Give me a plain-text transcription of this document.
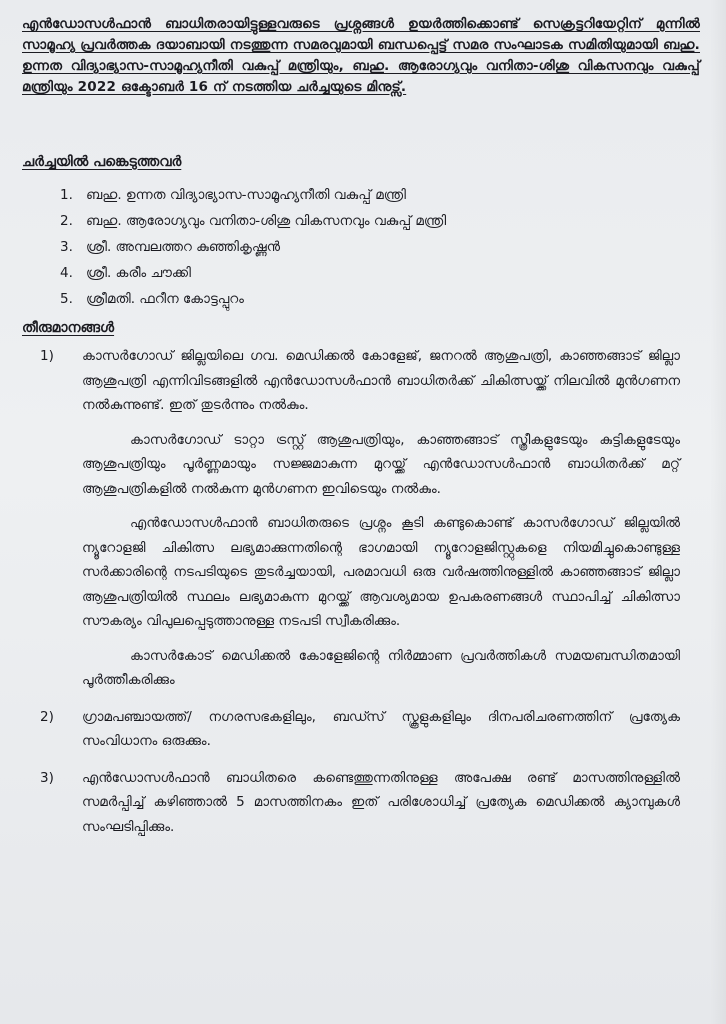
എൻഡോസൾഫാൻ ബാധിതരായിട്ടുള്ളവരുടെ പ്രശ്നങ്ങൾ ഉയർത്തിക്കൊണ്ട് സെക്രട്ടറിയേറ്റിന് മുന്നിൽ സാമൂഹ്യ പ്രവർത്തക ദയാബായി നടത്തുന്ന സമരവുമായി ബന്ധപ്പെട്ട് സമര സംഘാടക സമിതിയുമായി ബഹു. ഉന്നത വിദ്യാഭ്യാസ-സാമൂഹ്യനീതി വകുപ്പ് മന്ത്രിയും, ബഹു. ആരോഗ്യവും വനിതാ-ശിശു വികസനവും വകുപ്പ് മന്ത്രിയും 2022 ഒക്ടോബർ 16 ന് നടത്തിയ ചർച്ചയുടെ മിനുട്സ്.
ചർച്ചയിൽ പങ്കെടുത്തവർ
1. ബഹു. ഉന്നത വിദ്യാഭ്യാസ-സാമൂഹ്യനീതി വകുപ്പ് മന്ത്രി
2. ബഹു. ആരോഗ്യവും വനിതാ-ശിശു വികസനവും വകുപ്പ് മന്ത്രി
3. ശ്രീ. അമ്പലത്തറ കുഞ്ഞികൃഷ്ണൻ
4. ശ്രീ. കരീം ചൗക്കി
5. ശ്രീമതി. ഫറീന കോട്ടപ്പുറം
തീരുമാനങ്ങൾ
1) കാസർഗോഡ് ജില്ലയിലെ ഗവ. മെഡിക്കൽ കോളേജ്, ജനറൽ ആശുപത്രി, കാഞ്ഞങ്ങാട് ജില്ലാ ആശുപത്രി എന്നിവിടങ്ങളിൽ എൻഡോസൾഫാൻ ബാധിതർക്ക് ചികിത്സയ്ക്ക് നിലവിൽ മുൻഗണന നൽകുന്നുണ്ട്. ഇത് തുടർന്നും നൽകും.

കാസർഗോഡ് ടാറ്റാ ട്രസ്റ്റ് ആശുപത്രിയും, കാഞ്ഞങ്ങാട് സ്ത്രീകളുടേയും കുട്ടികളുടേയും ആശുപത്രിയും പൂർണ്ണമായും സജ്ജമാകുന്ന മുറയ്ക്ക് എൻഡോസൾഫാൻ ബാധിതർക്ക് മറ്റ് ആശുപത്രികളിൽ നൽകുന്ന മുൻഗണന ഇവിടെയും നൽകും.

എൻഡോസൾഫാൻ ബാധിതരുടെ പ്രശ്നം കൂടി കണ്ടുകൊണ്ട് കാസർഗോഡ് ജില്ലയിൽ ന്യൂറോളജി ചികിത്സ ലഭ്യമാക്കുന്നതിന്റെ ഭാഗമായി ന്യൂറോളജിസ്റ്റുകളെ നിയമിച്ചുകൊണ്ടുള്ള സർക്കാരിന്റെ നടപടിയുടെ തുടർച്ചയായി, പരമാവധി ഒരു വർഷത്തിനുള്ളിൽ കാഞ്ഞങ്ങാട് ജില്ലാ ആശുപത്രിയിൽ സ്ഥലം ലഭ്യമാകുന്ന മുറയ്ക്ക് ആവശ്യമായ ഉപകരണങ്ങൾ സ്ഥാപിച്ച് ചികിത്സാ സൗകര്യം വിപുലപ്പെടുത്താനുള്ള നടപടി സ്വീകരിക്കും.

കാസർകോട് മെഡിക്കൽ കോളേജിന്റെ നിർമ്മാണ പ്രവർത്തികൾ സമയബന്ധിതമായി പൂർത്തീകരിക്കും

2) ഗ്രാമപഞ്ചായത്ത്/ നഗരസഭകളിലും, ബഡ്സ് സ്കൂളുകളിലും ദിനപരിചരണത്തിന് പ്രത്യേക സംവിധാനം ഒരുക്കും.

3) എൻഡോസൾഫാൻ ബാധിതരെ കണ്ടെത്തുന്നതിനുള്ള അപേക്ഷ രണ്ട് മാസത്തിനുള്ളിൽ സമർപ്പിച്ച് കഴിഞ്ഞാൽ 5 മാസത്തിനകം ഇത് പരിശോധിച്ച് പ്രത്യേക മെഡിക്കൽ ക്യാമ്പുകൾ സംഘടിപ്പിക്കും.
